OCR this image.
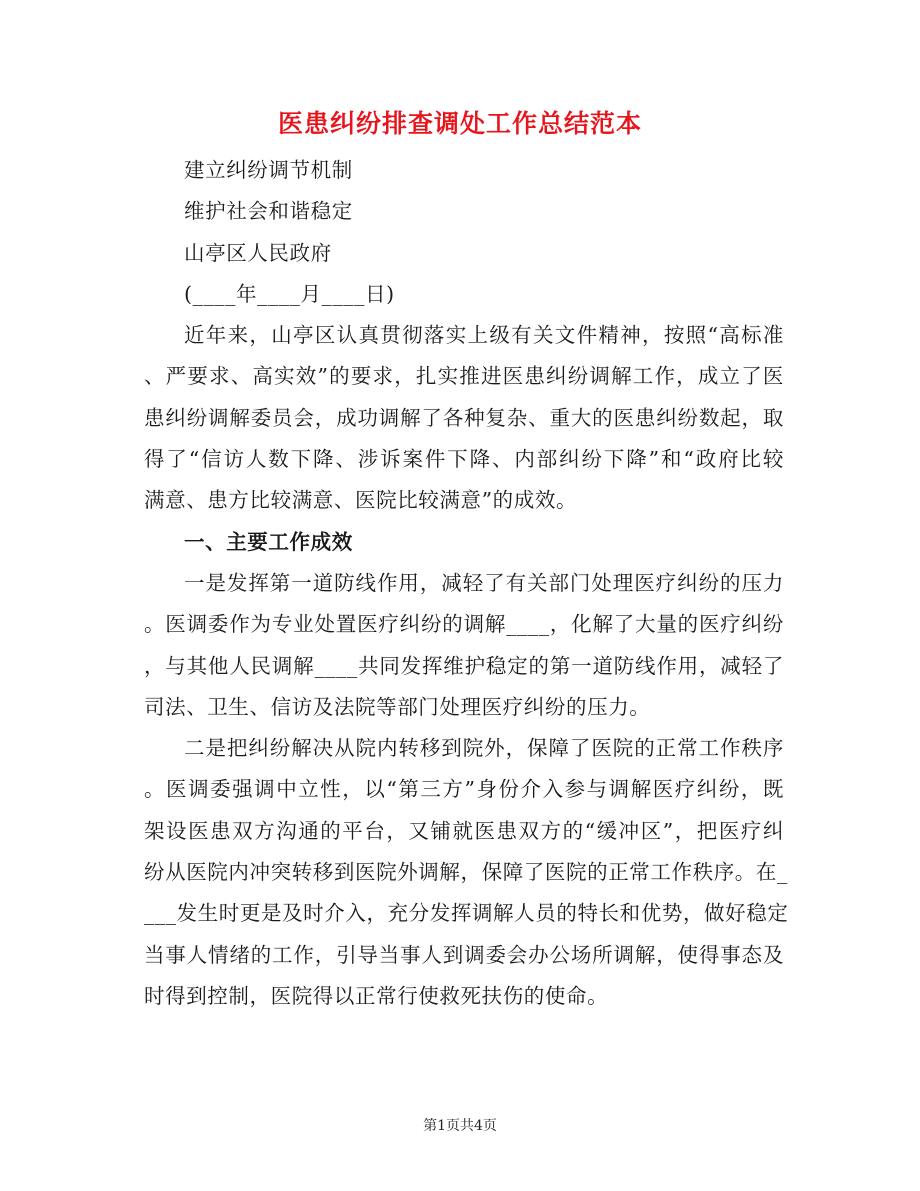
医患纠纷排查调处工作总结范本

建立纠纷调节机制

维护社会和谐稳定

山亭区人民政府

(____年____月____日)

近年来，山亭区认真贯彻落实上级有关文件精神，按照“高标准

、严要求、高实效”的要求，扎实推进医患纠纷调解工作，成立了医

患纠纷调解委员会，成功调解了各种复杂、重大的医患纠纷数起，取

得了“信访人数下降、涉诉案件下降、内部纠纷下降”和“政府比较

满意、患方比较满意、医院比较满意”的成效。

一、主要工作成效

一是发挥第一道防线作用，减轻了有关部门处理医疗纠纷的压力

。医调委作为专业处置医疗纠纷的调解____，化解了大量的医疗纠纷

，与其他人民调解____共同发挥维护稳定的第一道防线作用，减轻了

司法、卫生、信访及法院等部门处理医疗纠纷的压力。

二是把纠纷解决从院内转移到院外，保障了医院的正常工作秩序

。医调委强调中立性，以“第三方”身份介入参与调解医疗纠纷，既

架设医患双方沟通的平台，又铺就医患双方的“缓冲区”，把医疗纠

纷从医院内冲突转移到医院外调解，保障了医院的正常工作秩序。在_

___发生时更是及时介入，充分发挥调解人员的特长和优势，做好稳定

当事人情绪的工作，引导当事人到调委会办公场所调解，使得事态及

时得到控制，医院得以正常行使救死扶伤的使命。

第1页共4页
